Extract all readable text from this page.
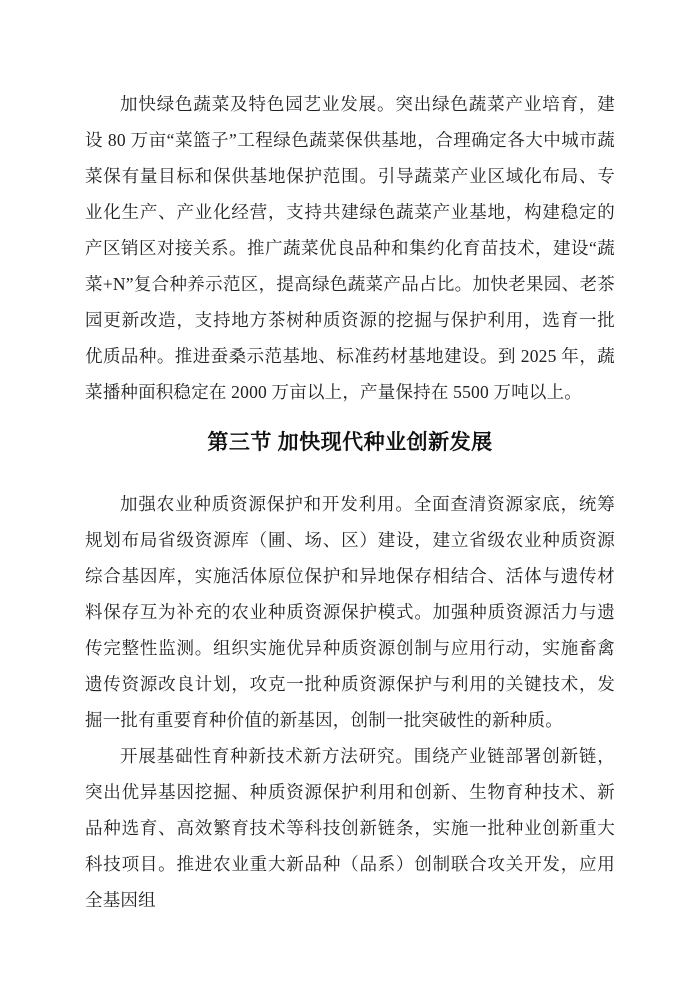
加快绿色蔬菜及特色园艺业发展。突出绿色蔬菜产业培育，建设 80 万亩“菜篮子”工程绿色蔬菜保供基地，合理确定各大中城市蔬菜保有量目标和保供基地保护范围。引导蔬菜产业区域化布局、专业化生产、产业化经营，支持共建绿色蔬菜产业基地，构建稳定的产区销区对接关系。推广蔬菜优良品种和集约化育苗技术，建设“蔬菜+N”复合种养示范区，提高绿色蔬菜产品占比。加快老果园、老茶园更新改造，支持地方茶树种质资源的挖掘与保护利用，选育一批优质品种。推进蚕桑示范基地、标准药材基地建设。到 2025 年，蔬菜播种面积稳定在 2000 万亩以上，产量保持在 5500 万吨以上。

第三节 加快现代种业创新发展

加强农业种质资源保护和开发利用。全面查清资源家底，统筹规划布局省级资源库（圃、场、区）建设，建立省级农业种质资源综合基因库，实施活体原位保护和异地保存相结合、活体与遗传材料保存互为补充的农业种质资源保护模式。加强种质资源活力与遗传完整性监测。组织实施优异种质资源创制与应用行动，实施畜禽遗传资源改良计划，攻克一批种质资源保护与利用的关键技术，发掘一批有重要育种价值的新基因，创制一批突破性的新种质。

开展基础性育种新技术新方法研究。围绕产业链部署创新链，突出优异基因挖掘、种质资源保护利用和创新、生物育种技术、新品种选育、高效繁育技术等科技创新链条，实施一批种业创新重大科技项目。推进农业重大新品种（品系）创制联合攻关开发，应用全基因组
